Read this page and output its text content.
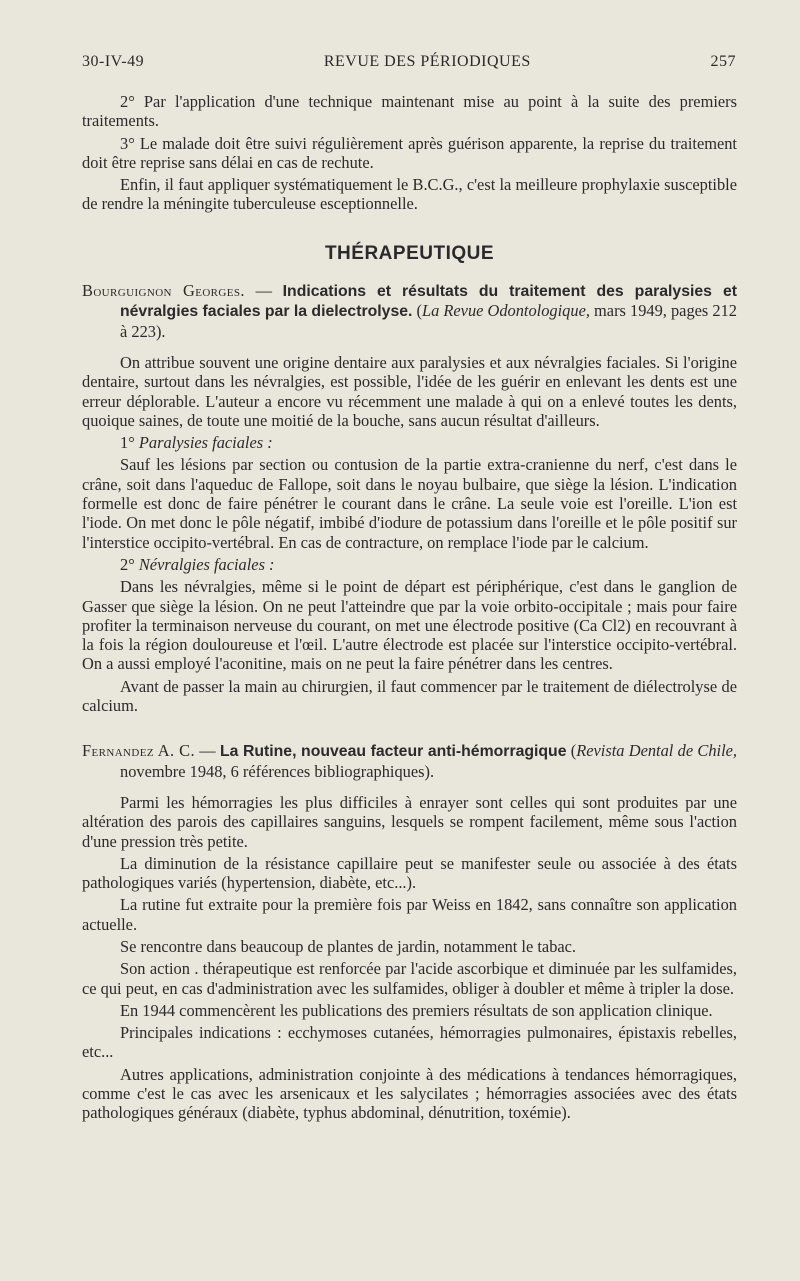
30-IV-49	REVUE DES PÉRIODIQUES	257

2° Par l'application d'une technique maintenant mise au point à la suite des premiers traitements.

3° Le malade doit être suivi régulièrement après guérison apparente, la reprise du traitement doit être reprise sans délai en cas de rechute.

Enfin, il faut appliquer systématiquement le B.C.G., c'est la meilleure prophylaxie susceptible de rendre la méningite tuberculeuse esceptionnelle.

THÉRAPEUTIQUE

Bourguignon Georges. — Indications et résultats du traitement des paralysies et névralgies faciales par la dielectrolyse. (La Revue Odontologique, mars 1949, pages 212 à 223).

On attribue souvent une origine dentaire aux paralysies et aux névralgies faciales. Si l'origine dentaire, surtout dans les névralgies, est possible, l'idée de les guérir en enlevant les dents est une erreur déplorable. L'auteur a encore vu récemment une malade à qui on a enlevé toutes les dents, quoique saines, de toute une moitié de la bouche, sans aucun résultat d'ailleurs.

1° Paralysies faciales :

Sauf les lésions par section ou contusion de la partie extra-cranienne du nerf, c'est dans le crâne, soit dans l'aqueduc de Fallope, soit dans le noyau bulbaire, que siège la lésion. L'indication formelle est donc de faire pénétrer le courant dans le crâne. La seule voie est l'oreille. L'ion est l'iode. On met donc le pôle négatif, imbibé d'iodure de potassium dans l'oreille et le pôle positif sur l'interstice occipito-vertébral. En cas de contracture, on remplace l'iode par le calcium.

2° Névralgies faciales :

Dans les névralgies, même si le point de départ est périphérique, c'est dans le ganglion de Gasser que siège la lésion. On ne peut l'atteindre que par la voie orbito-occipitale ; mais pour faire profiter la terminaison nerveuse du courant, on met une électrode positive (Ca Cl2) en recouvrant à la fois la région douloureuse et l'œil. L'autre électrode est placée sur l'interstice occipito-vertébral. On a aussi employé l'aconitine, mais on ne peut la faire pénétrer dans les centres.

Avant de passer la main au chirurgien, il faut commencer par le traitement de diélectrolyse de calcium.

Fernandez A. C. — La Rutine, nouveau facteur anti-hémorragique (Revista Dental de Chile, novembre 1948, 6 références bibliographiques).

Parmi les hémorragies les plus difficiles à enrayer sont celles qui sont produites par une altération des parois des capillaires sanguins, lesquels se rompent facilement, même sous l'action d'une pression très petite.

La diminution de la résistance capillaire peut se manifester seule ou associée à des états pathologiques variés (hypertension, diabète, etc...).

La rutine fut extraite pour la première fois par Weiss en 1842, sans connaître son application actuelle.

Se rencontre dans beaucoup de plantes de jardin, notamment le tabac.

Son action . thérapeutique est renforcée par l'acide ascorbique et diminuée par les sulfamides, ce qui peut, en cas d'administration avec les sulfamides, obliger à doubler et même à tripler la dose.

En 1944 commencèrent les publications des premiers résultats de son application clinique.

Principales indications : ecchymoses cutanées, hémorragies pulmonaires, épistaxis rebelles, etc...

Autres applications, administration conjointe à des médications à tendances hémorragiques, comme c'est le cas avec les arsenicaux et les salycilates ; hémorragies associées avec des états pathologiques généraux (diabète, typhus abdominal, dénutrition, toxémie).
